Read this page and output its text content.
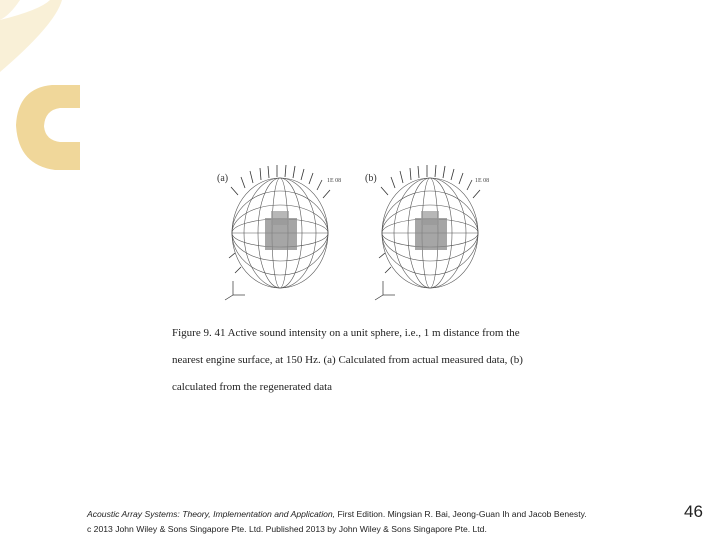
(a)	1E 08 (b)	1E 08
Figure 9. 41 Active sound intensity on a unit sphere, i.e., 1 m distance from the
nearest engine surface, at 150 Hz. (a) Calculated from actual measured data, (b)
calculated from the regenerated data
Acoustic Array Systems: Theory, Implementation and Application, First Edition. Mingsian R. Bai, Jeong-Guan Ih and Jacob Benesty.
c 2013 John Wiley & Sons Singapore Pte. Ltd. Published 2013 by John Wiley & Sons Singapore Pte. Ltd.
46
